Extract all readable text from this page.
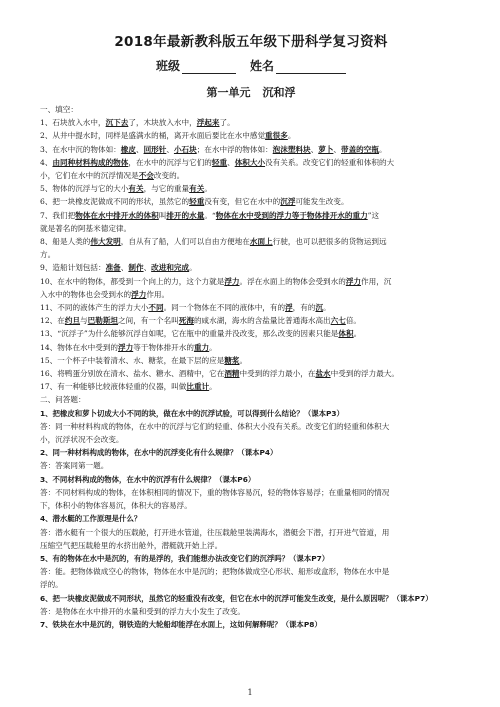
2018年最新教科版五年级下册科学复习资料
班级	姓名
第一单元 沉和浮
一、填空：
1、石块放入水中，沉下去了，木块放入水中，浮起来了。
2、从井中提水时，同样是盛满水的桶，离开水面后要比在水中感觉重很多。
3、在水中沉的物体如：橡皮、回形针、小石块；在水中浮的物体如：泡沫塑料块、萝卜、带盖的空瓶。
4、由同种材料构成的物体，在水中的沉浮与它们的轻重、体积大小没有关系。改变它们的轻重和体积的大
小，它们在水中的沉浮情况是不会改变的。
5、物体的沉浮与它的大小有关，与它的重量有关。
6、把一块橡皮泥做成不同的形状，虽然它的轻重没有变，但它在水中的沉浮可能发生改变。
7、我们把物体在水中排开水的体积叫排开的水量。“物体在水中受到的浮力等于物体排开水的重力”这
就是著名的阿基米德定律。
8、船是人类的伟大发明，自从有了船，人们可以自由方便地在水面上行驶，也可以把很多的货物运到远
方。
9、造船计划包括：准备、制作、改进和完成。
10、在水中的物体，都受到一个向上的力，这个力就是浮力。浮在水面上的物体会受到水的浮力作用，沉
入水中的物体也会受到水的浮力作用。
11、不同的液体产生的浮力大小不同。同一个物体在不同的液体中，有的浮，有的沉。
12、在约旦与巴勒斯坦之间，有一个名叫死海的咸水湖，海水的含盐量比普通海水高出六七倍。
13、“沉浮子”为什么能够沉浮自如呢，它在瓶中的重量并没改变，那么改变的因素只能是体积。
14、物体在水中受到的浮力等于物体排开水的重力。
15、一个杯子中装着清水、水、糖浆，在最下层的应是糖浆。
16、将鸭蛋分别放在清水、盐水、糖水、酒精中，它在酒精中受到的浮力最小，在盐水中受到的浮力最大。
17、有一种能够比较液体轻重的仪器，叫做比重计。
二、问答题：
1、把橡皮和萝卜切成大小不同的块，做在水中的沉浮试验，可以得到什么结论？（课本P3）
答：同一种材料构成的物体，在水中的沉浮与它们的轻重、体积大小没有关系。改变它们的轻重和体积大
小，沉浮状况不会改变。
2、同一种材料构成的物体，在水中的沉浮变化有什么规律？（课本P4）
答：答案同第一题。
3、不同材料构成的物体，在水中的沉浮有什么规律？（课本P6）
答：不同材料构成的物体，在体积相同的情况下，重的物体容易沉，轻的物体容易浮；在重量相同的情况
下，体积小的物体容易沉，体积大的容易浮。
4、潜水艇的工作原理是什么？
答：潜水艇有一个很大的压载舱，打开进水管道，往压载舱里装满海水，潜艇会下潜，打开进气管道，用
压缩空气把压载舱里的水挤出舱外，潜艇就开始上浮。
5、有的物体在水中是沉的，有的是浮的，我们能想办法改变它们的沉浮吗？（课本P7）
答：能。把物体做成空心的物体，物体在水中是沉的；把物体做成空心形状、船形或盒形，物体在水中是
浮的。
6、把一块橡皮泥做成不同形状，虽然它的轻重没有改变，但它在水中的沉浮可能发生改变，是什么原因呢？（课本P7）
答：是物体在水中排开的水量和受到的浮力大小发生了改变。
7、铁块在水中是沉的，钢铁造的大轮船却能浮在水面上，这如何解释呢？（课本P8）
1
